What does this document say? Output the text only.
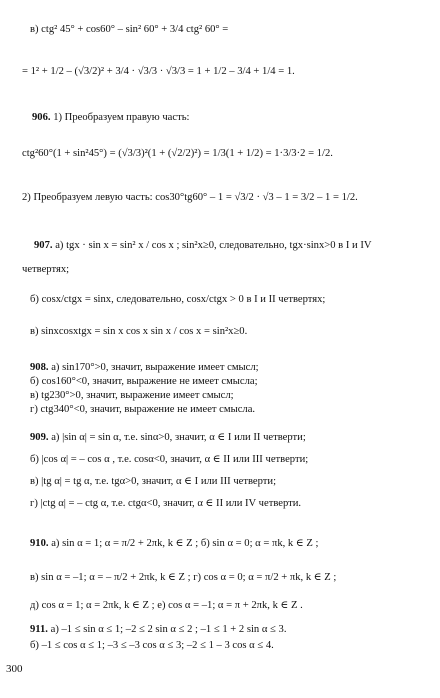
в) ctg² 45° + cos60° – sin² 60° + 3/4 ctg² 60° =
= 1² + 1/2 – (√3/2)² + 3/4 · √3/3 · √3/3 = 1 + 1/2 – 3/4 + 1/4 = 1.
906. 1) Преобразуем правую часть:
ctg²60°(1 + sin²45°) = (√3/3)²(1 + (√2/2)²) = 1/3(1 + 1/2) = 1·3/3·2 = 1/2.
2) Преобразуем левую часть: cos30°tg60° – 1 = √3/2 · √3 – 1 = 3/2 – 1 = 1/2.
907. а) tgx · sin x = sin² x / cos x ; sin²x≥0, следовательно, tgx·sinx>0 в I и IV
четвертях;
б) cosx/ctgx = sinx, следовательно, cosx/ctgx > 0 в I и II четвертях;
в) sinxcosxtgx = sin x cos x sin x / cos x = sin²x≥0.
908. а) sin170°>0, значит, выражение имеет смысл;
б) cos160°<0, значит, выражение не имеет смысла;
в) tg230°>0, значит, выражение имеет смысл;
г) ctg340°<0, значит, выражение не имеет смысла.
909. а) |sin α| = sin α, т.е. sinα>0, значит, α ∈ I или II четверти;
б) |cos α| = – cos α , т.е. cosα<0, значит, α ∈ II или III четверти;
в) |tg α| = tg α, т.е. tgα>0, значит, α ∈ I или III четверти;
г) |ctg α| = – ctg α, т.е. ctgα<0, значит, α ∈ II или IV четверти.
910. а) sin α = 1; α = π/2 + 2πk, k ∈ Z ; б) sin α = 0; α = πk, k ∈ Z ;
в) sin α = –1; α = – π/2 + 2πk, k ∈ Z ; г) cos α = 0; α = π/2 + πk, k ∈ Z ;
д) cos α = 1; α = 2πk, k ∈ Z ; е) cos α = –1; α = π + 2πk, k ∈ Z .
911. а) –1 ≤ sin α ≤ 1; –2 ≤ 2 sin α ≤ 2 ; –1 ≤ 1 + 2 sin α ≤ 3.
б) –1 ≤ cos α ≤ 1; –3 ≤ –3 cos α ≤ 3; –2 ≤ 1 – 3 cos α ≤ 4.
300
